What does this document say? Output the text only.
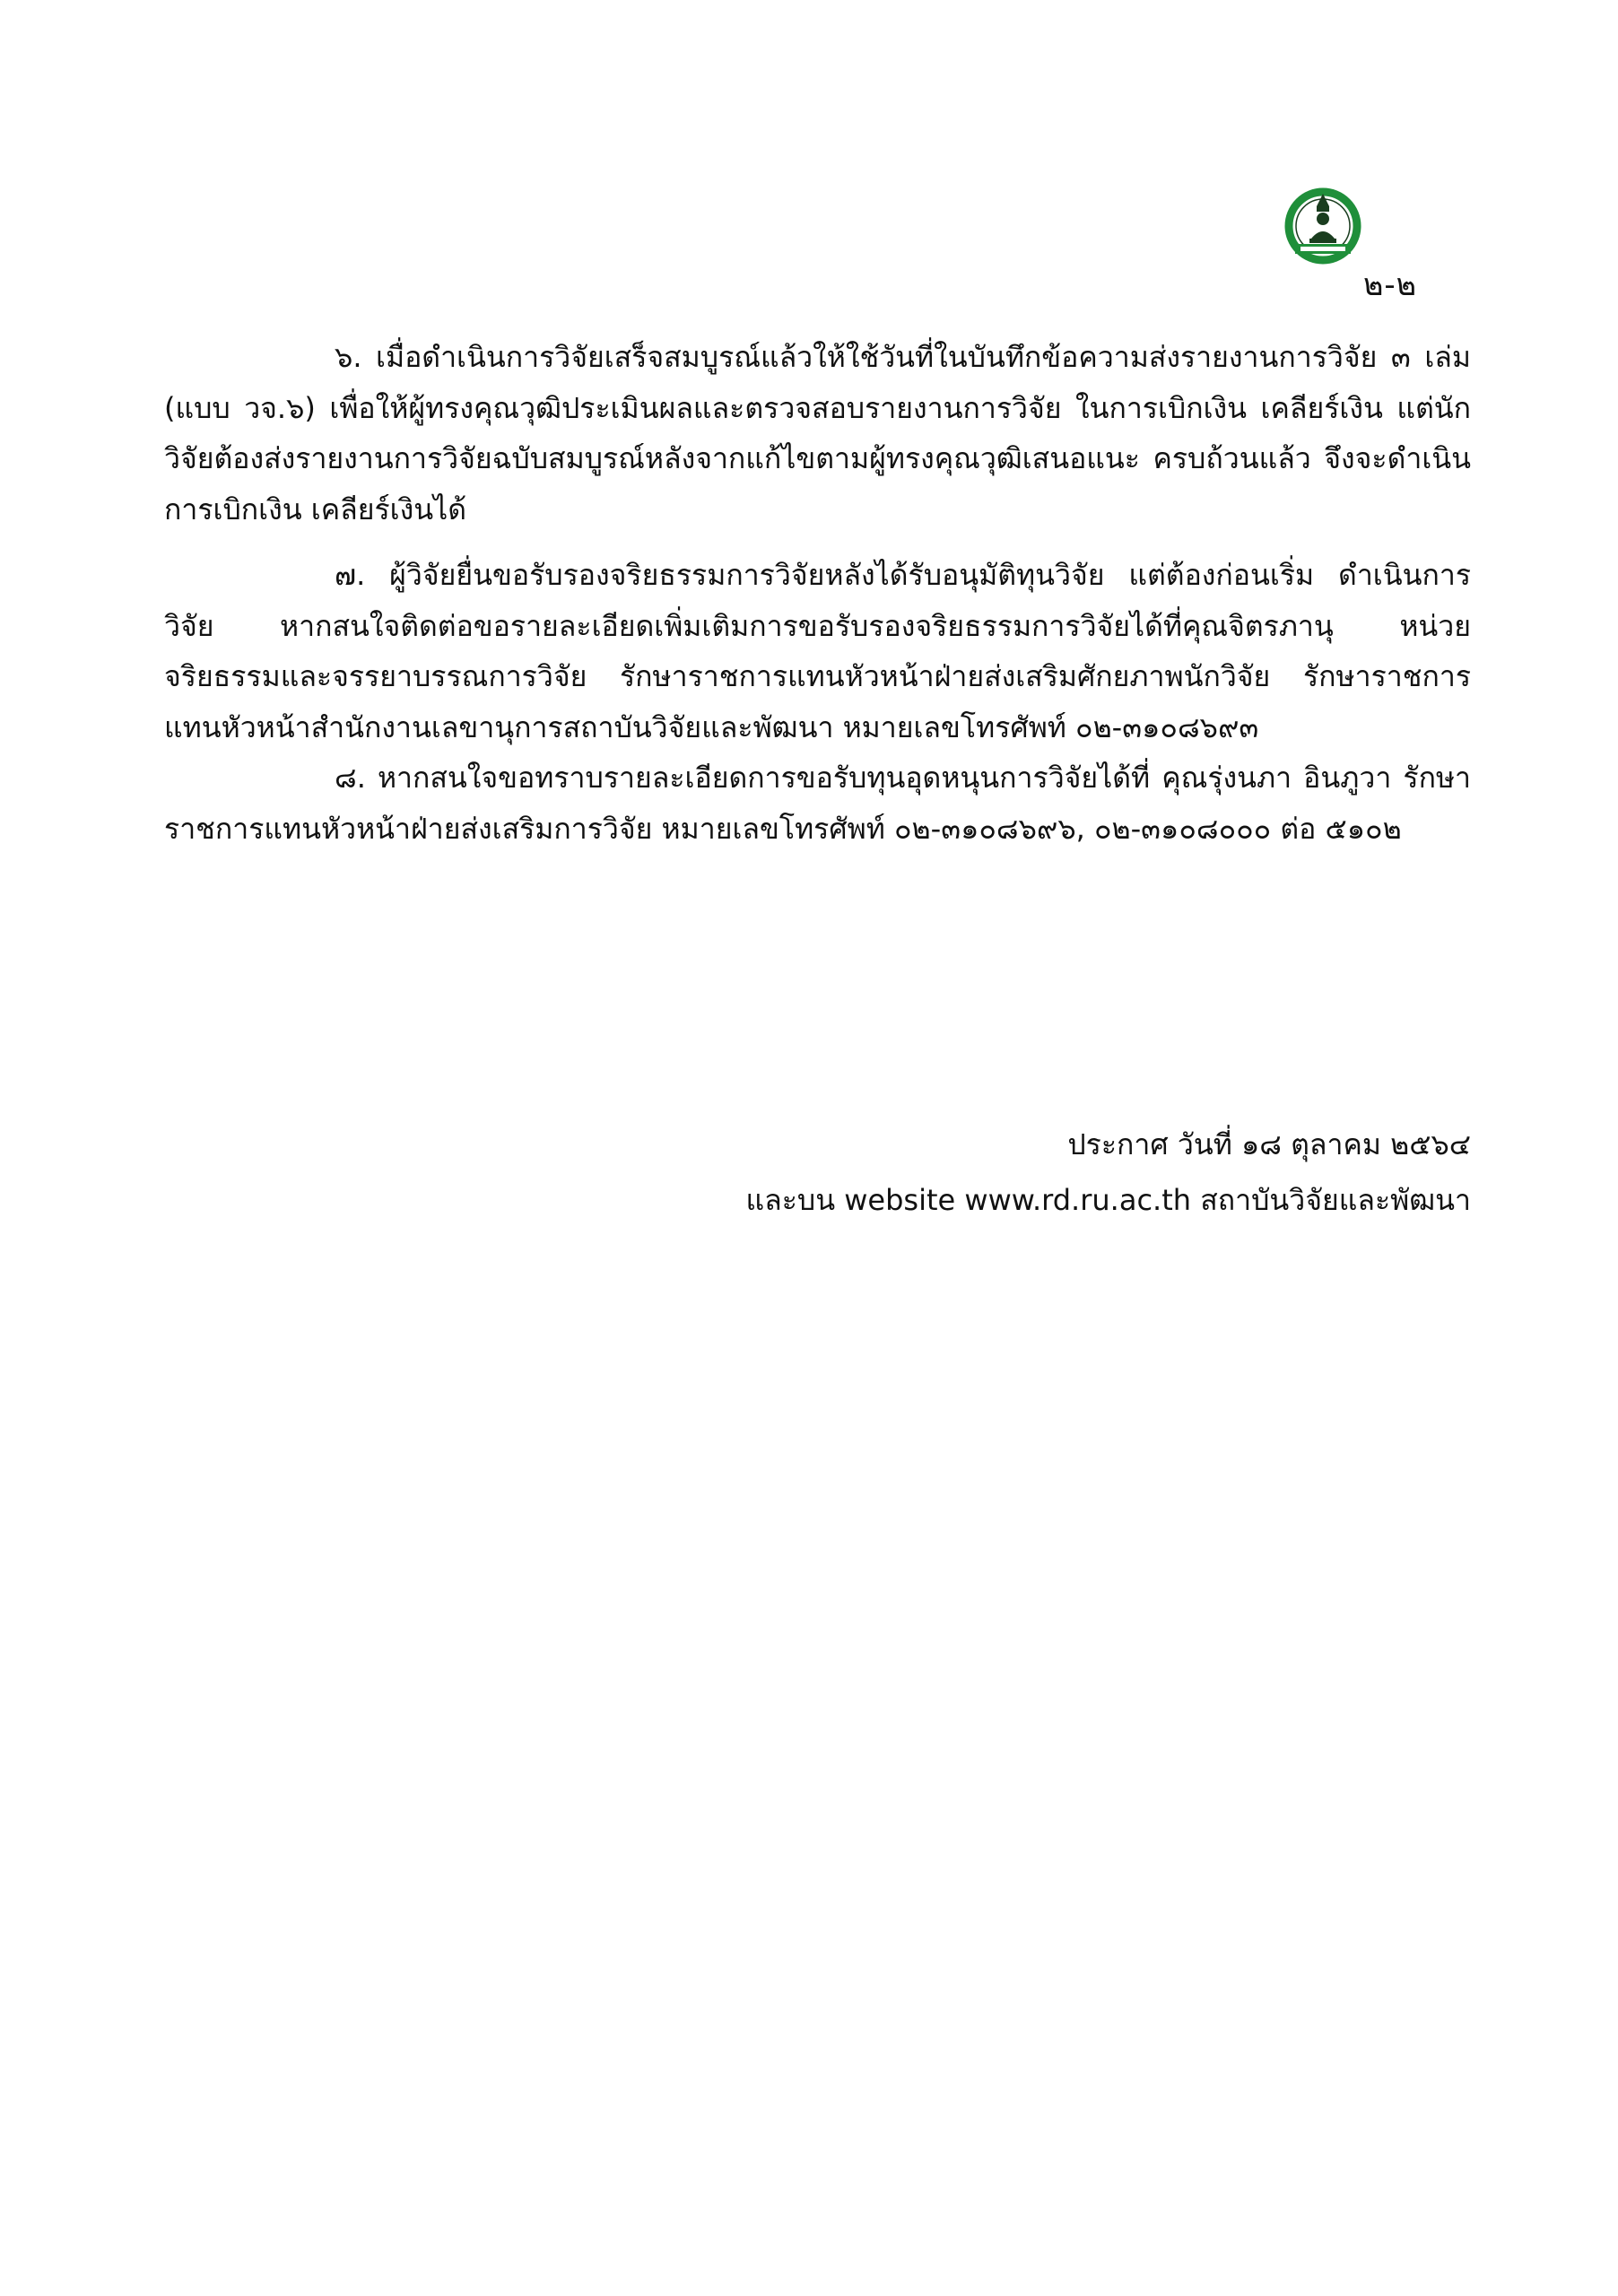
๒-๒

๖. เมื่อดำเนินการวิจัยเสร็จสมบูรณ์แล้วให้ใช้วันที่ในบันทึกข้อความส่งรายงานการวิจัย ๓ เล่ม (แบบ วจ.๖) เพื่อให้ผู้ทรงคุณวุฒิประเมินผลและตรวจสอบรายงานการวิจัย ในการเบิกเงิน เคลียร์เงิน แต่นักวิจัยต้องส่งรายงานการวิจัยฉบับสมบูรณ์หลังจากแก้ไขตามผู้ทรงคุณวุฒิเสนอแนะ ครบถ้วนแล้ว จึงจะดำเนินการเบิกเงิน เคลียร์เงินได้

๗. ผู้วิจัยยื่นขอรับรองจริยธรรมการวิจัยหลังได้รับอนุมัติทุนวิจัย แต่ต้องก่อนเริ่ม ดำเนินการวิจัย หากสนใจติดต่อขอรายละเอียดเพิ่มเติมการขอรับรองจริยธรรมการวิจัยได้ที่คุณจิตรภานุ หน่วยจริยธรรมและจรรยาบรรณการวิจัย รักษาราชการแทนหัวหน้าฝ่ายส่งเสริมศักยภาพนักวิจัย รักษาราชการแทนหัวหน้าสำนักงานเลขานุการสถาบันวิจัยและพัฒนา หมายเลขโทรศัพท์ ๐๒-๓๑๐๘๖๙๓

๘. หากสนใจขอทราบรายละเอียดการขอรับทุนอุดหนุนการวิจัยได้ที่ คุณรุ่งนภา อินภูวา รักษาราชการแทนหัวหน้าฝ่ายส่งเสริมการวิจัย หมายเลขโทรศัพท์ ๐๒-๓๑๐๘๖๙๖, ๐๒-๓๑๐๘๐๐๐ ต่อ ๕๑๐๒

ประกาศ วันที่ ๑๘ ตุลาคม ๒๕๖๔
และบน website www.rd.ru.ac.th สถาบันวิจัยและพัฒนา
